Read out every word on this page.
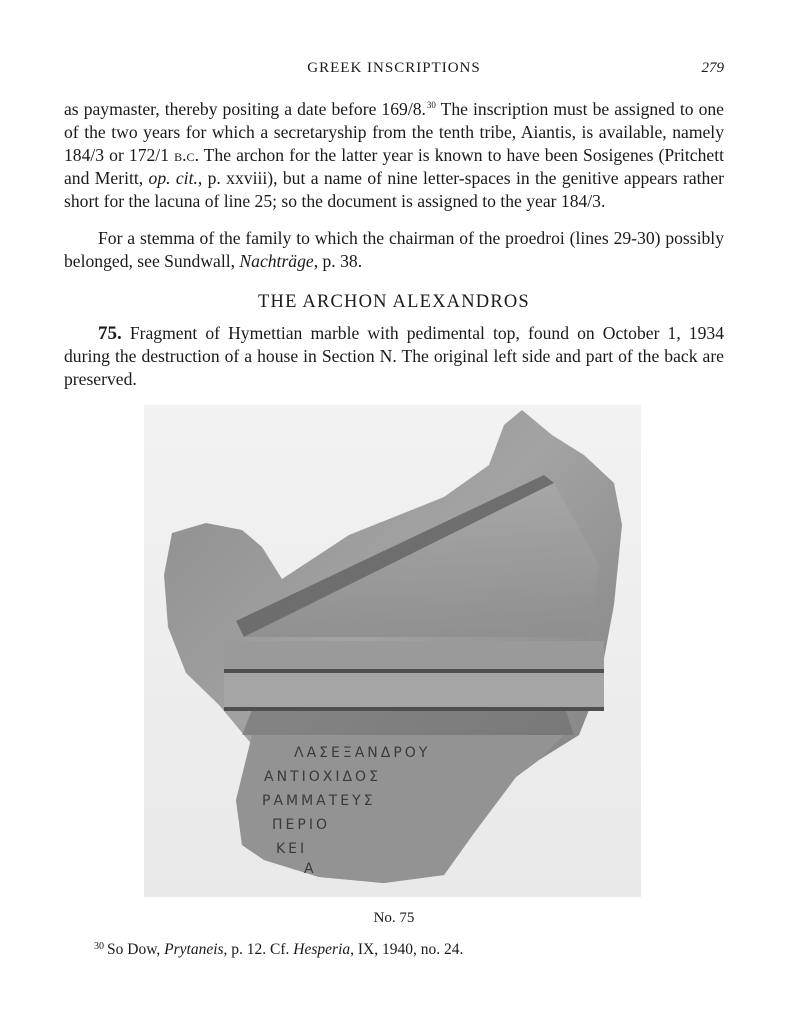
GREEK INSCRIPTIONS	279

as paymaster, thereby positing a date before 169/8.30 The inscription must be assigned to one of the two years for which a secretaryship from the tenth tribe, Aiantis, is available, namely 184/3 or 172/1 b.c. The archon for the latter year is known to have been Sosigenes (Pritchett and Meritt, op. cit., p. xxviii), but a name of nine letter-spaces in the genitive appears rather short for the lacuna of line 25; so the document is assigned to the year 184/3.

For a stemma of the family to which the chairman of the proedroi (lines 29-30) possibly belonged, see Sundwall, Nachträge, p. 38.

THE ARCHON ALEXANDROS

75. Fragment of Hymettian marble with pedimental top, found on October 1, 1934 during the destruction of a house in Section N. The original left side and part of the back are preserved.

ΛΑΣΕΞΑΝΔΡΟΥ
ΑΝΤΙΟΧΙΔΟΣ
ΡΑΜΜΑΤΕΥΣ
ΠΕΡΙΟ
ΚΕΙ
Α
No. 75
$^{30}$ So Dow, Prytaneis, p. 12. Cf. Hesperia, IX, 1940, no. 24.
